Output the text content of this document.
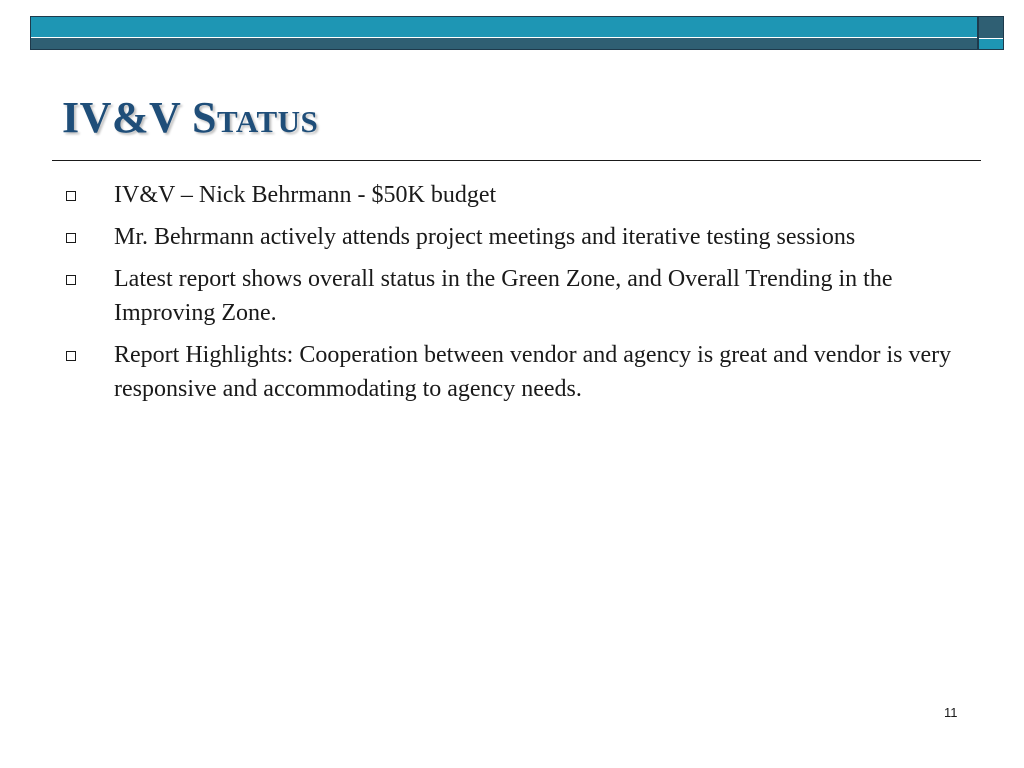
IV&V Status
IV&V – Nick Behrmann - $50K budget
Mr. Behrmann actively attends project meetings and iterative testing sessions
Latest report shows overall status in the Green Zone, and Overall Trending in the Improving Zone.
Report Highlights: Cooperation between vendor and agency is great and vendor is very responsive and accommodating to agency needs.
11
